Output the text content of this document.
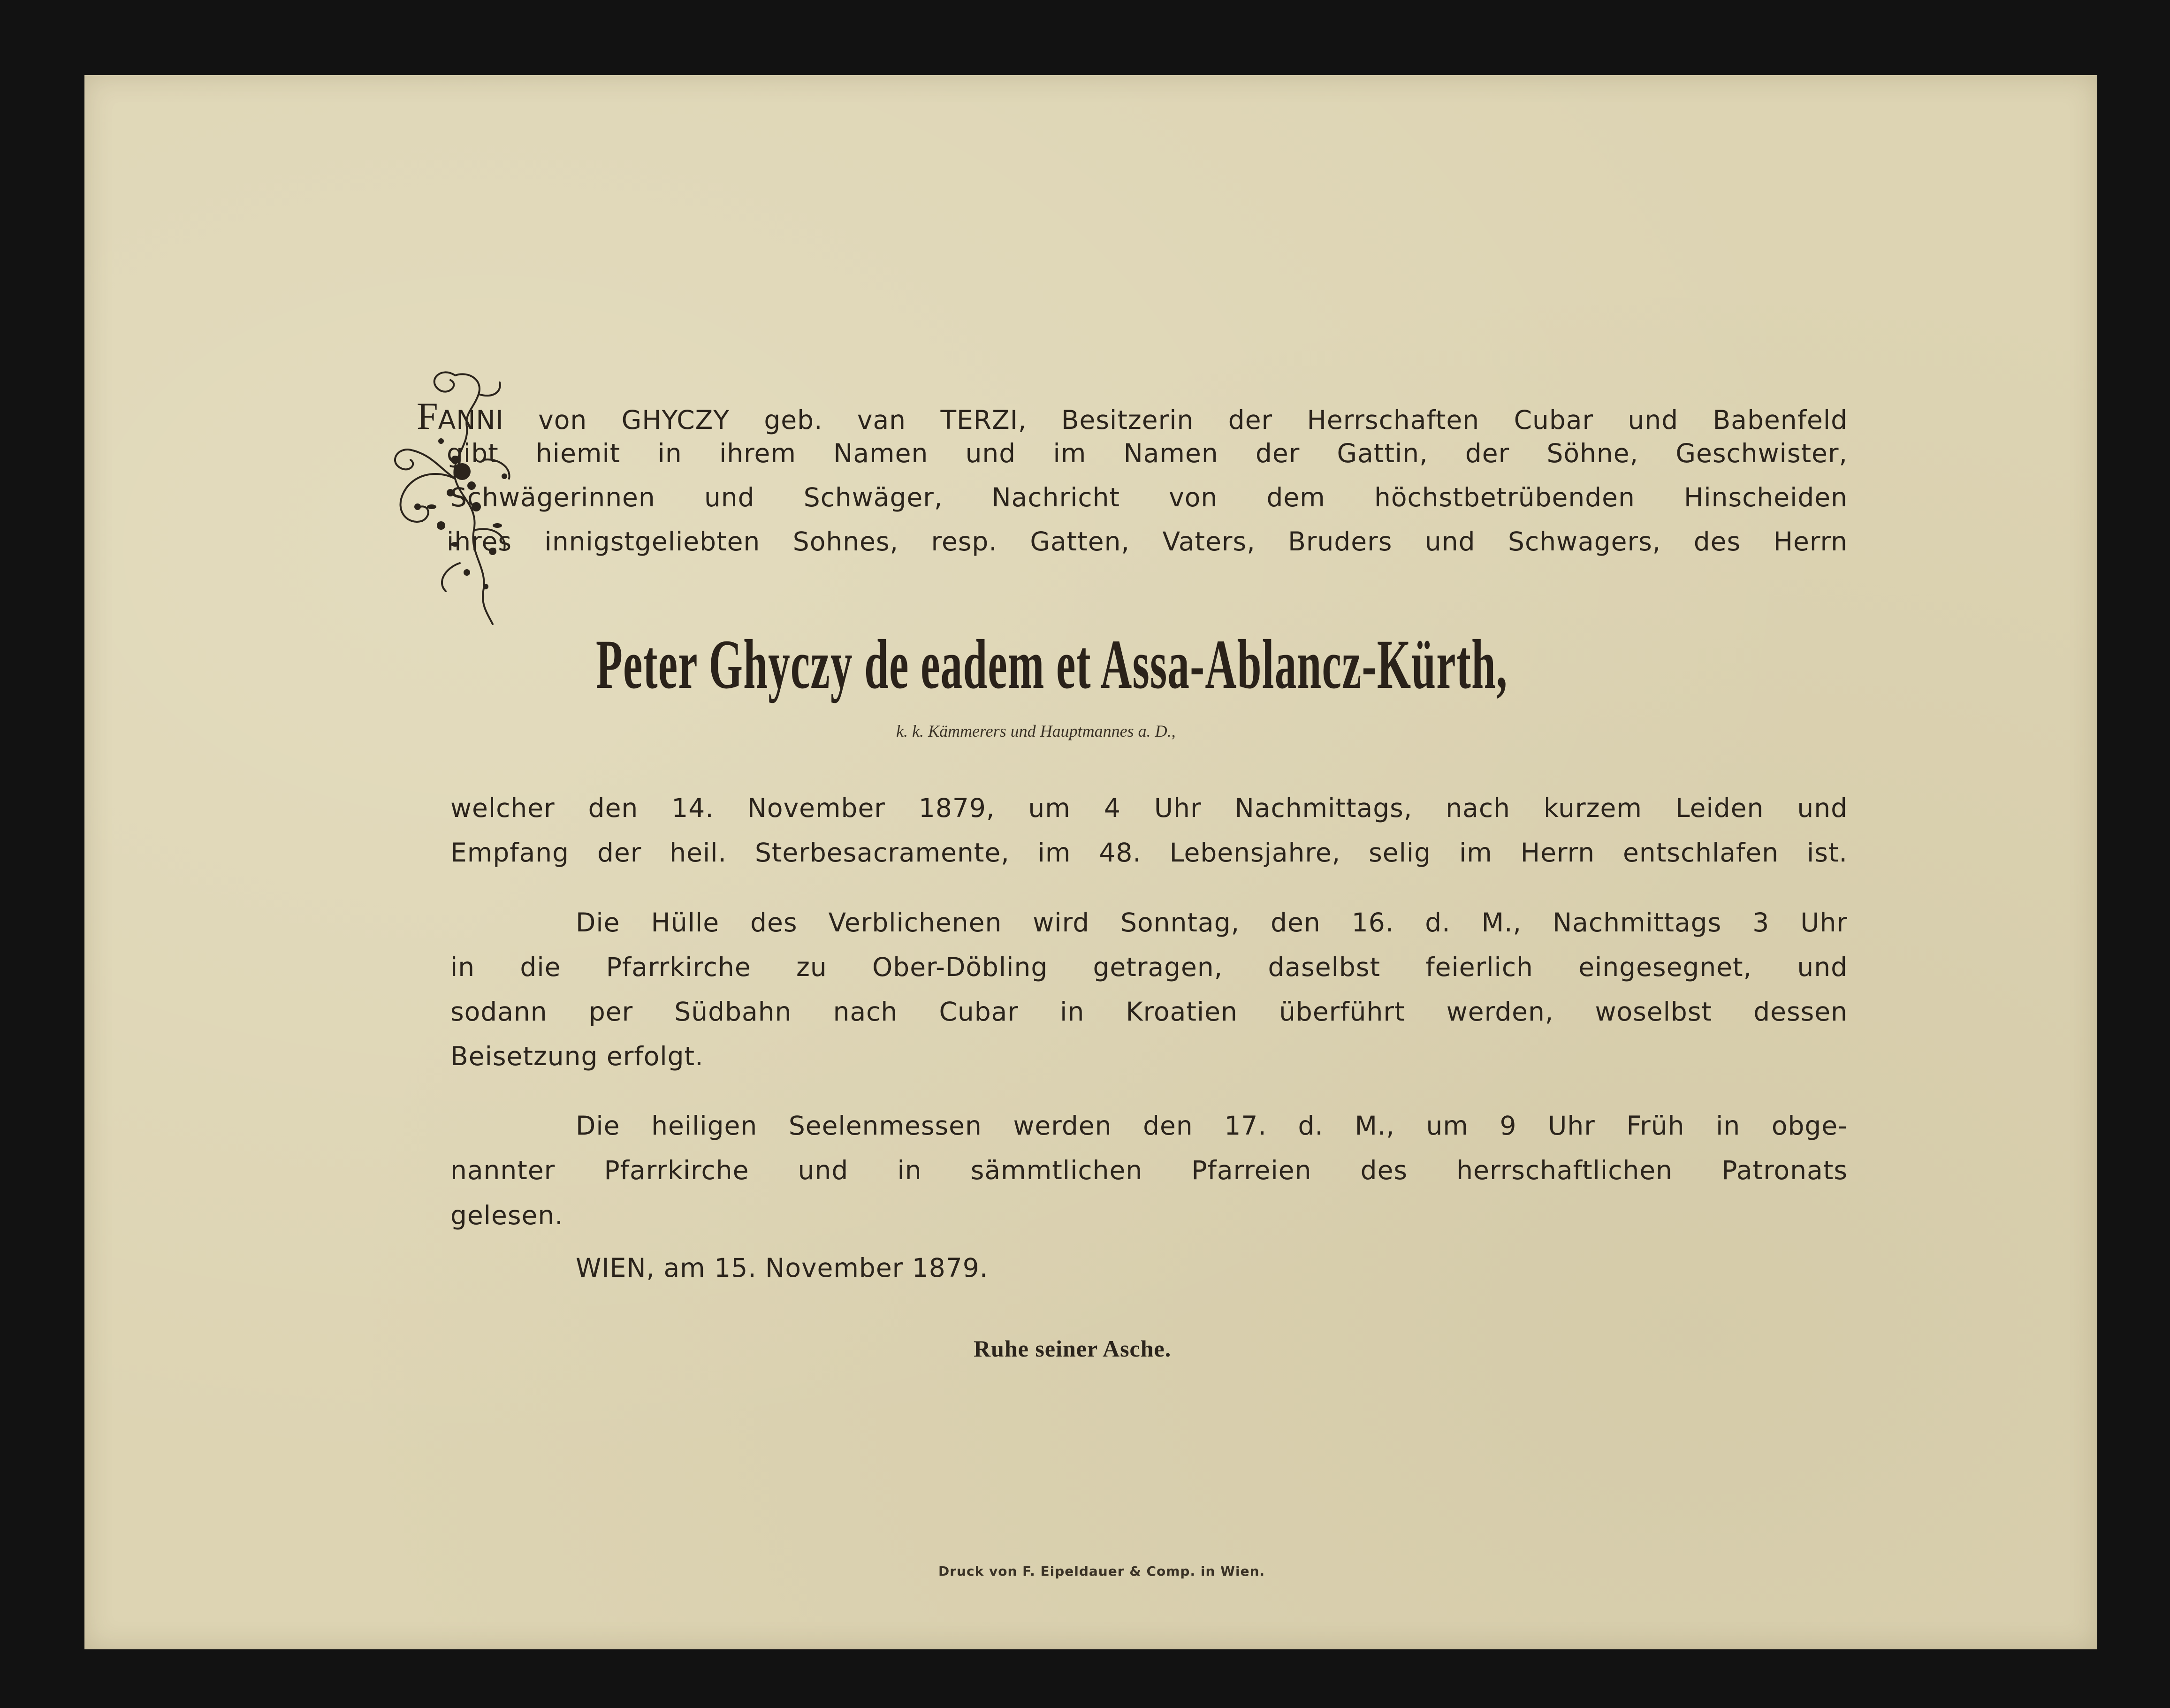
FANNI von GHYCZY geb. van TERZI, Besitzerin der Herrschaften Cubar und Babenfeld
gibt hiemit in ihrem Namen und im Namen der Gattin, der Söhne, Geschwister,
Schwägerinnen und Schwäger, Nachricht von dem höchstbetrübenden Hinscheiden
ihres innigstgeliebten Sohnes, resp. Gatten, Vaters, Bruders und Schwagers, des Herrn
Peter Ghyczy de eadem et Assa-Ablancz-Kürth,
k. k. Kämmerers und Hauptmannes a. D.,
welcher den 14. November 1879, um 4 Uhr Nachmittags, nach kurzem Leiden und
Empfang der heil. Sterbesacramente, im 48. Lebensjahre, selig im Herrn entschlafen ist.
Die Hülle des Verblichenen wird Sonntag, den 16. d. M., Nachmittags 3 Uhr
in die Pfarrkirche zu Ober-Döbling getragen, daselbst feierlich eingesegnet, und
sodann per Südbahn nach Cubar in Kroatien überführt werden, woselbst dessen
Beisetzung erfolgt.
Die heiligen Seelenmessen werden den 17. d. M., um 9 Uhr Früh in obge-
nannter Pfarrkirche und in sämmtlichen Pfarreien des herrschaftlichen Patronats
gelesen.
WIEN, am 15. November 1879.
Ruhe seiner Asche.
Druck von F. Eipeldauer & Comp. in Wien.
